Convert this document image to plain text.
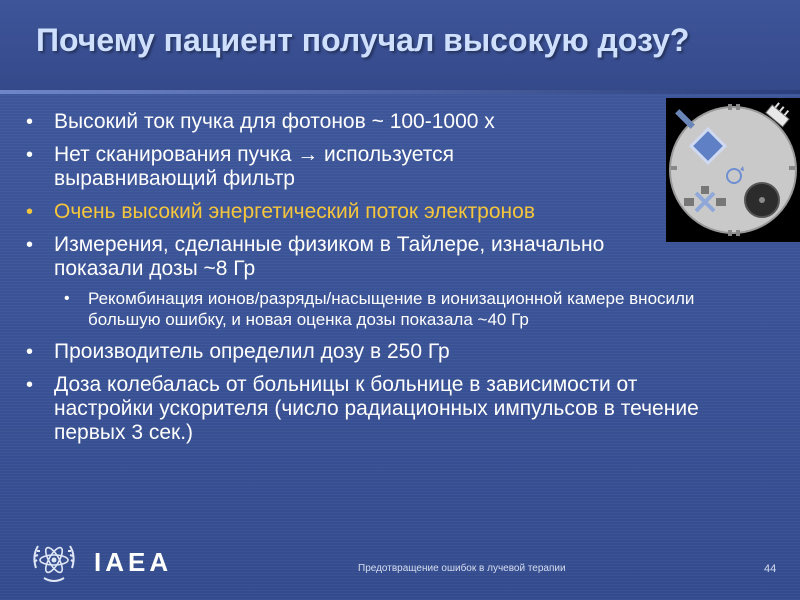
Почему пациент получал высокую дозу?

• Высокий ток пучка для фотонов ~ 100-1000 x

• Нет сканирования пучка → используется выравнивающий фильтр

• Очень высокий энергетический поток электронов

• Измерения, сделанные физиком в Тайлере, изначально показали дозы ~8 Гр

• Рекомбинация ионов/разряды/насыщение в ионизационной камере вносили большую ошибку, и новая оценка дозы показала ~40 Гр

• Производитель определил дозу в 250 Гр

• Доза колебалась от больницы к больнице в зависимости от настройки ускорителя (число радиационных импульсов в течение первых 3 сек.)

IAEA	Предотвращение ошибок в лучевой терапии	44
